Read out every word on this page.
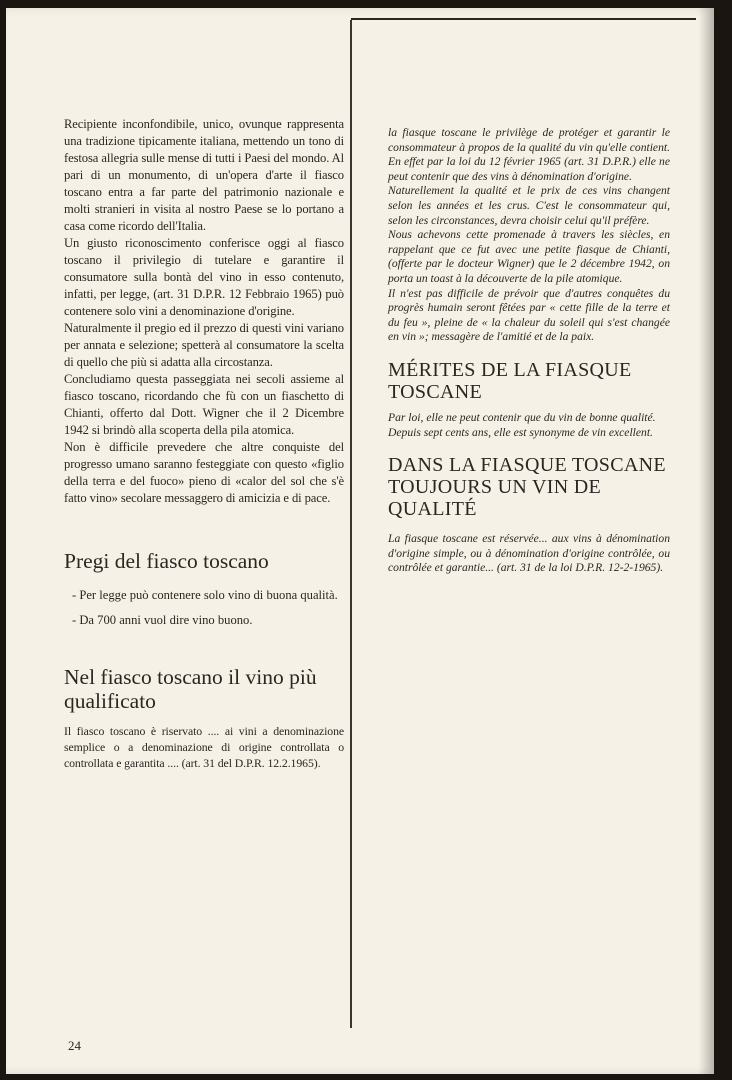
Recipiente inconfondibile, unico, ovunque rappresenta una tradizione tipicamente italiana, mettendo un tono di festosa allegria sulle mense di tutti i Paesi del mondo. Al pari di un monumento, di un'opera d'arte il fiasco toscano entra a far parte del patrimonio nazionale e molti stranieri in visita al nostro Paese se lo portano a casa come ricordo dell'Italia.

Un giusto riconoscimento conferisce oggi al fiasco toscano il privilegio di tutelare e garantire il consumatore sulla bontà del vino in esso contenuto, infatti, per legge, (art. 31 D.P.R. 12 Febbraio 1965) può contenere solo vini a denominazione d'origine.

Naturalmente il pregio ed il prezzo di questi vini variano per annata e selezione; spetterà al consumatore la scelta di quello che più si adatta alla circostanza.

Concludiamo questa passeggiata nei secoli assieme al fiasco toscano, ricordando che fù con un fiaschetto di Chianti, offerto dal Dott. Wigner che il 2 Dicembre 1942 si brindò alla scoperta della pila atomica.

Non è difficile prevedere che altre conquiste del progresso umano saranno festeggiate con questo «figlio della terra e del fuoco» pieno di «calor del sol che s'è fatto vino» secolare messaggero di amicizia e di pace.

Pregi del fiasco toscano

- Per legge può contenere solo vino di buona qualità.

- Da 700 anni vuol dire vino buono.

Nel fiasco toscano il vino più qualificato

Il fiasco toscano è riservato .... ai vini a denominazione semplice o a denominazione di origine controllata o controllata e garantita .... (art. 31 del D.P.R. 12.2.1965).

la fiasque toscane le privilège de protéger et garantir le consommateur à propos de la qualité du vin qu'elle contient. En effet par la loi du 12 février 1965 (art. 31 D.P.R.) elle ne peut contenir que des vins à dénomination d'origine.

Naturellement la qualité et le prix de ces vins changent selon les années et les crus. C'est le consommateur qui, selon les circonstances, devra choisir celui qu'il préfère.

Nous achevons cette promenade à travers les siècles, en rappelant que ce fut avec une petite fiasque de Chianti, (offerte par le docteur Wigner) que le 2 décembre 1942, on porta un toast à la découverte de la pile atomique.

Il n'est pas difficile de prévoir que d'autres conquêtes du progrès humain seront fêtées par « cette fille de la terre et du feu », pleine de « la chaleur du soleil qui s'est changée en vin »; messagère de l'amitié et de la paix.

MÉRITES DE LA FIASQUE TOSCANE

Par loi, elle ne peut contenir que du vin de bonne qualité.

Depuis sept cents ans, elle est synonyme de vin excellent.

DANS LA FIASQUE TOSCANE TOUJOURS UN VIN DE QUALITÉ

La fiasque toscane est réservée... aux vins à dénomination d'origine simple, ou à dénomination d'origine contrôlée, ou contrôlée et garantie... (art. 31 de la loi D.P.R. 12-2-1965).

24
